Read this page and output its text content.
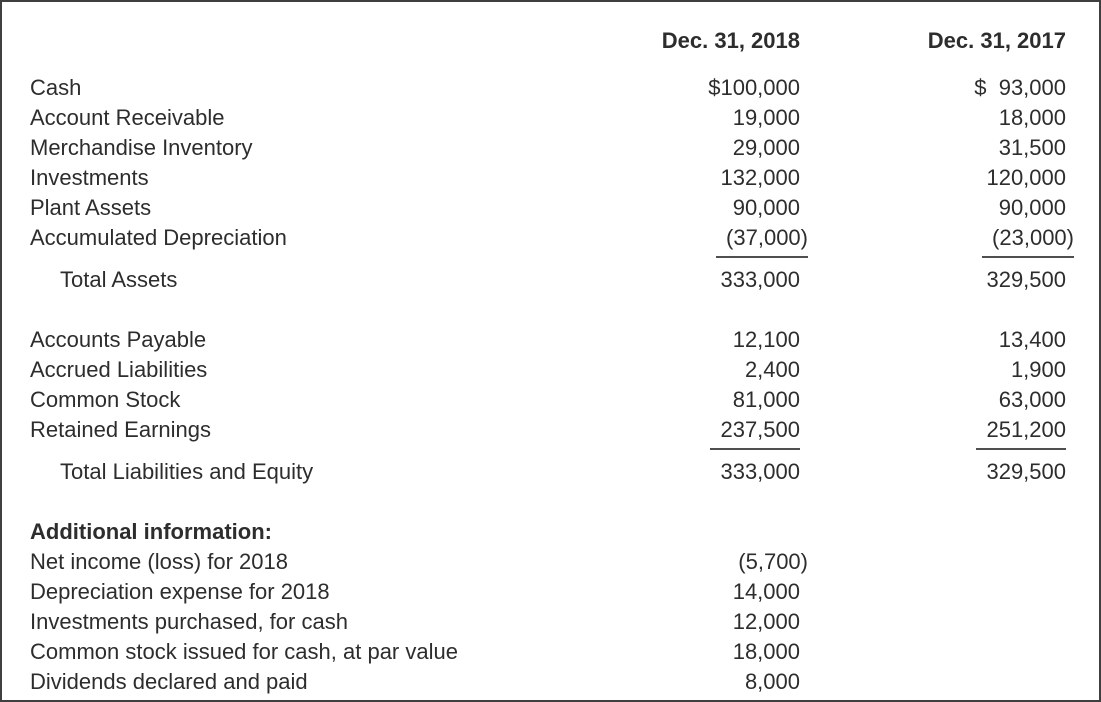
Dec. 31, 2018	Dec. 31, 2017
Cash	$100,000	$  93,000
Account Receivable	19,000	18,000
Merchandise Inventory	29,000	31,500
Investments	132,000	120,000
Plant Assets	90,000	90,000
Accumulated Depreciation	(37,000)	(23,000)
Total Assets	333,000	329,500
Accounts Payable	12,100	13,400
Accrued Liabilities	2,400	1,900
Common Stock	81,000	63,000
Retained Earnings	237,500	251,200
Total Liabilities and Equity	333,000	329,500
Additional information:
Net income (loss) for 2018	(5,700)
Depreciation expense for 2018	14,000
Investments purchased, for cash	12,000
Common stock issued for cash, at par value	18,000
Dividends declared and paid	8,000
